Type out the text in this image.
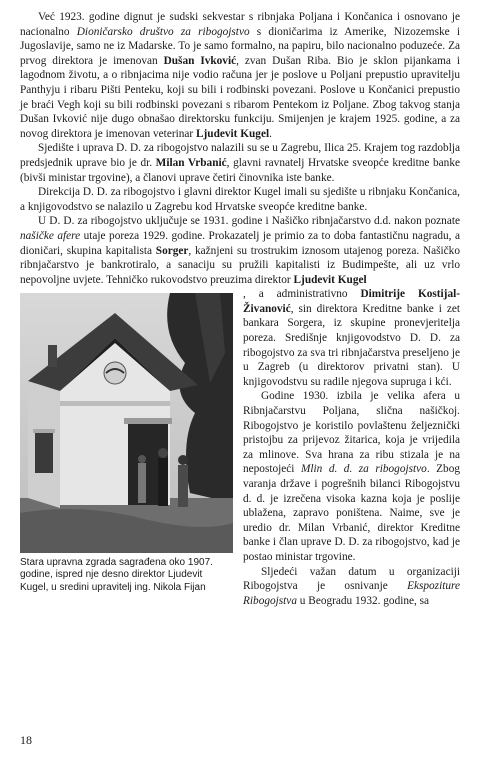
Već 1923. godine dignut je sudski sekvestar s ribnjaka Poljana i Končanica i osnovano je nacionalno Dioničarsko društvo za ribogojstvo s dioničarima iz Amerike, Nizozemske i Jugoslavije, samo ne iz Madarske. To je samo formalno, na papiru, bilo nacionalno poduzeće. Za prvog direktora je imenovan Dušan Ivković, zvan Dušan Riba. Bio je sklon pijankama i lagodnom životu, a o ribnjacima nije vodio računa jer je poslove u Poljani prepustio upravitelju Panthyju i ribaru Pišti Penteku, koji su bili i rodbinski povezani. Poslove u Končanici prepustio je braći Vegh koji su bili rodbinski povezani s ribarom Pentekom iz Poljane. Zbog takvog stanja Dušan Ivković nije dugo obnašao direktorsku funkciju. Smijenjen je krajem 1925. godine, a za novog direktora je imenovan veterinar Ljudevit Kugel.

Sjedište i uprava D. D. za ribogojstvo nalazili su se u Zagrebu, Ilica 25. Krajem tog razdoblja predsjednik uprave bio je dr. Milan Vrbanić, glavni ravnatelj Hrvatske sveopće kreditne banke (bivši ministar trgovine), a članovi uprave četiri činovnika iste banke.

Direkcija D. D. za ribogojstvo i glavni direktor Kugel imali su sjedište u ribnjaku Končanica, a knjigovodstvo se nalazilo u Zagrebu kod Hrvatske sveopće kreditne banke.

U D. D. za ribogojstvo uključuje se 1931. godine i Našičko ribnjačarstvo d.d. nakon poznate našičke afere utaje poreza 1929. godine. Prokazatelj je primio za to doba fantastičnu nagradu, a dioničari, skupina kapitalista Sorger, kažnjeni su trostrukim iznosom utajenog poreza. Našičko ribnjačarstvo je bankrotiralo, a sanaciju su pružili kapitalisti iz Budimpešte, ali uz vrlo nepovoljne uvjete. Tehničko rukovodstvo preuzima direktor Ljudevit Kugel

Stara upravna zgrada sagrađena oko 1907. godine, ispred nje desno direktor Ljudevit Kugel, u sredini upravitelj ing. Nikola Fijan

, a administrativno Dimitrije Kostijal-Živanović, sin direktora Kreditne banke i zet bankara Sorgera, iz skupine pronevjeritelja poreza. Središnje knjigovodstvo D. D. za ribogojstvo za sva tri ribnjačarstva preseljeno je u Zagreb (u direktorov privatni stan). U knjigovodstvu su radile njegova supruga i kći.

Godine 1930. izbila je velika afera u Ribnjačarstvu Poljana, slična našičkoj. Ribogojstvo je koristilo povlaštenu željeznički pristojbu za prijevoz žitarica, koja je vrijedila za mlinove. Sva hrana za ribu stizala je na nepostojeći Mlin d. d. za ribogojstvo. Zbog varanja države i pogrešnih bilanci Ribogojstvu d. d. je izrečena visoka kazna koja je poslije ublažena, zapravo poništena. Naime, sve je uredio dr. Milan Vrbanić, direktor Kreditne banke i član uprave D. D. za ribogojstvo, kad je postao ministar trgovine.

Sljedeći važan datum u organizaciji Ribogojstva je osnivanje Ekspoziture Ribogojstva u Beogradu 1932. godine, sa

18
